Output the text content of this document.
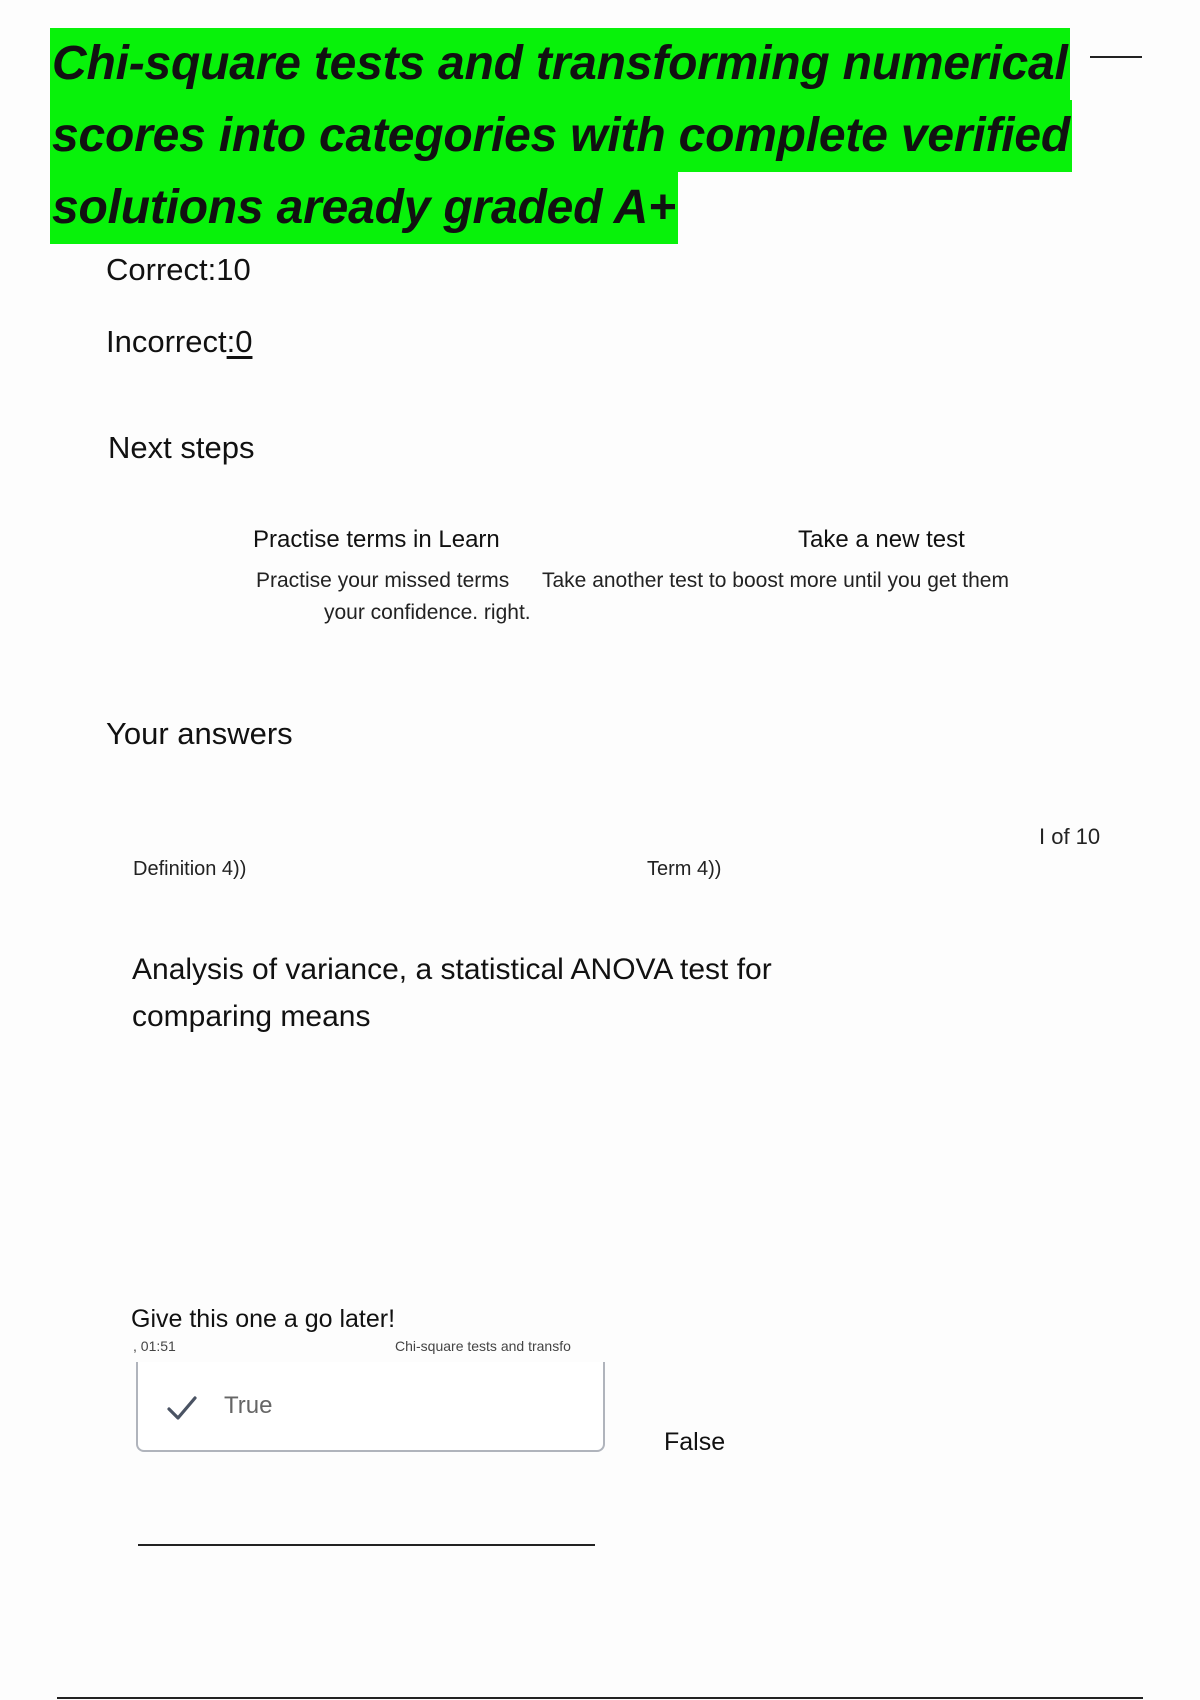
Chi-square tests and transforming numerical
scores into categories with complete verified
solutions aready graded A+
Correct:10
Incorrect:0
Next steps
Practise terms in Learn
Practise your missed terms
your confidence. right.
Take a new test
Take another test to boost more until you get them
Your answers
I of 10
Definition 4))	Term 4))
Analysis of variance, a statistical ANOVA test for comparing means
Give this one a go later!
, 01:51	Chi-square tests and transfo
True
False
